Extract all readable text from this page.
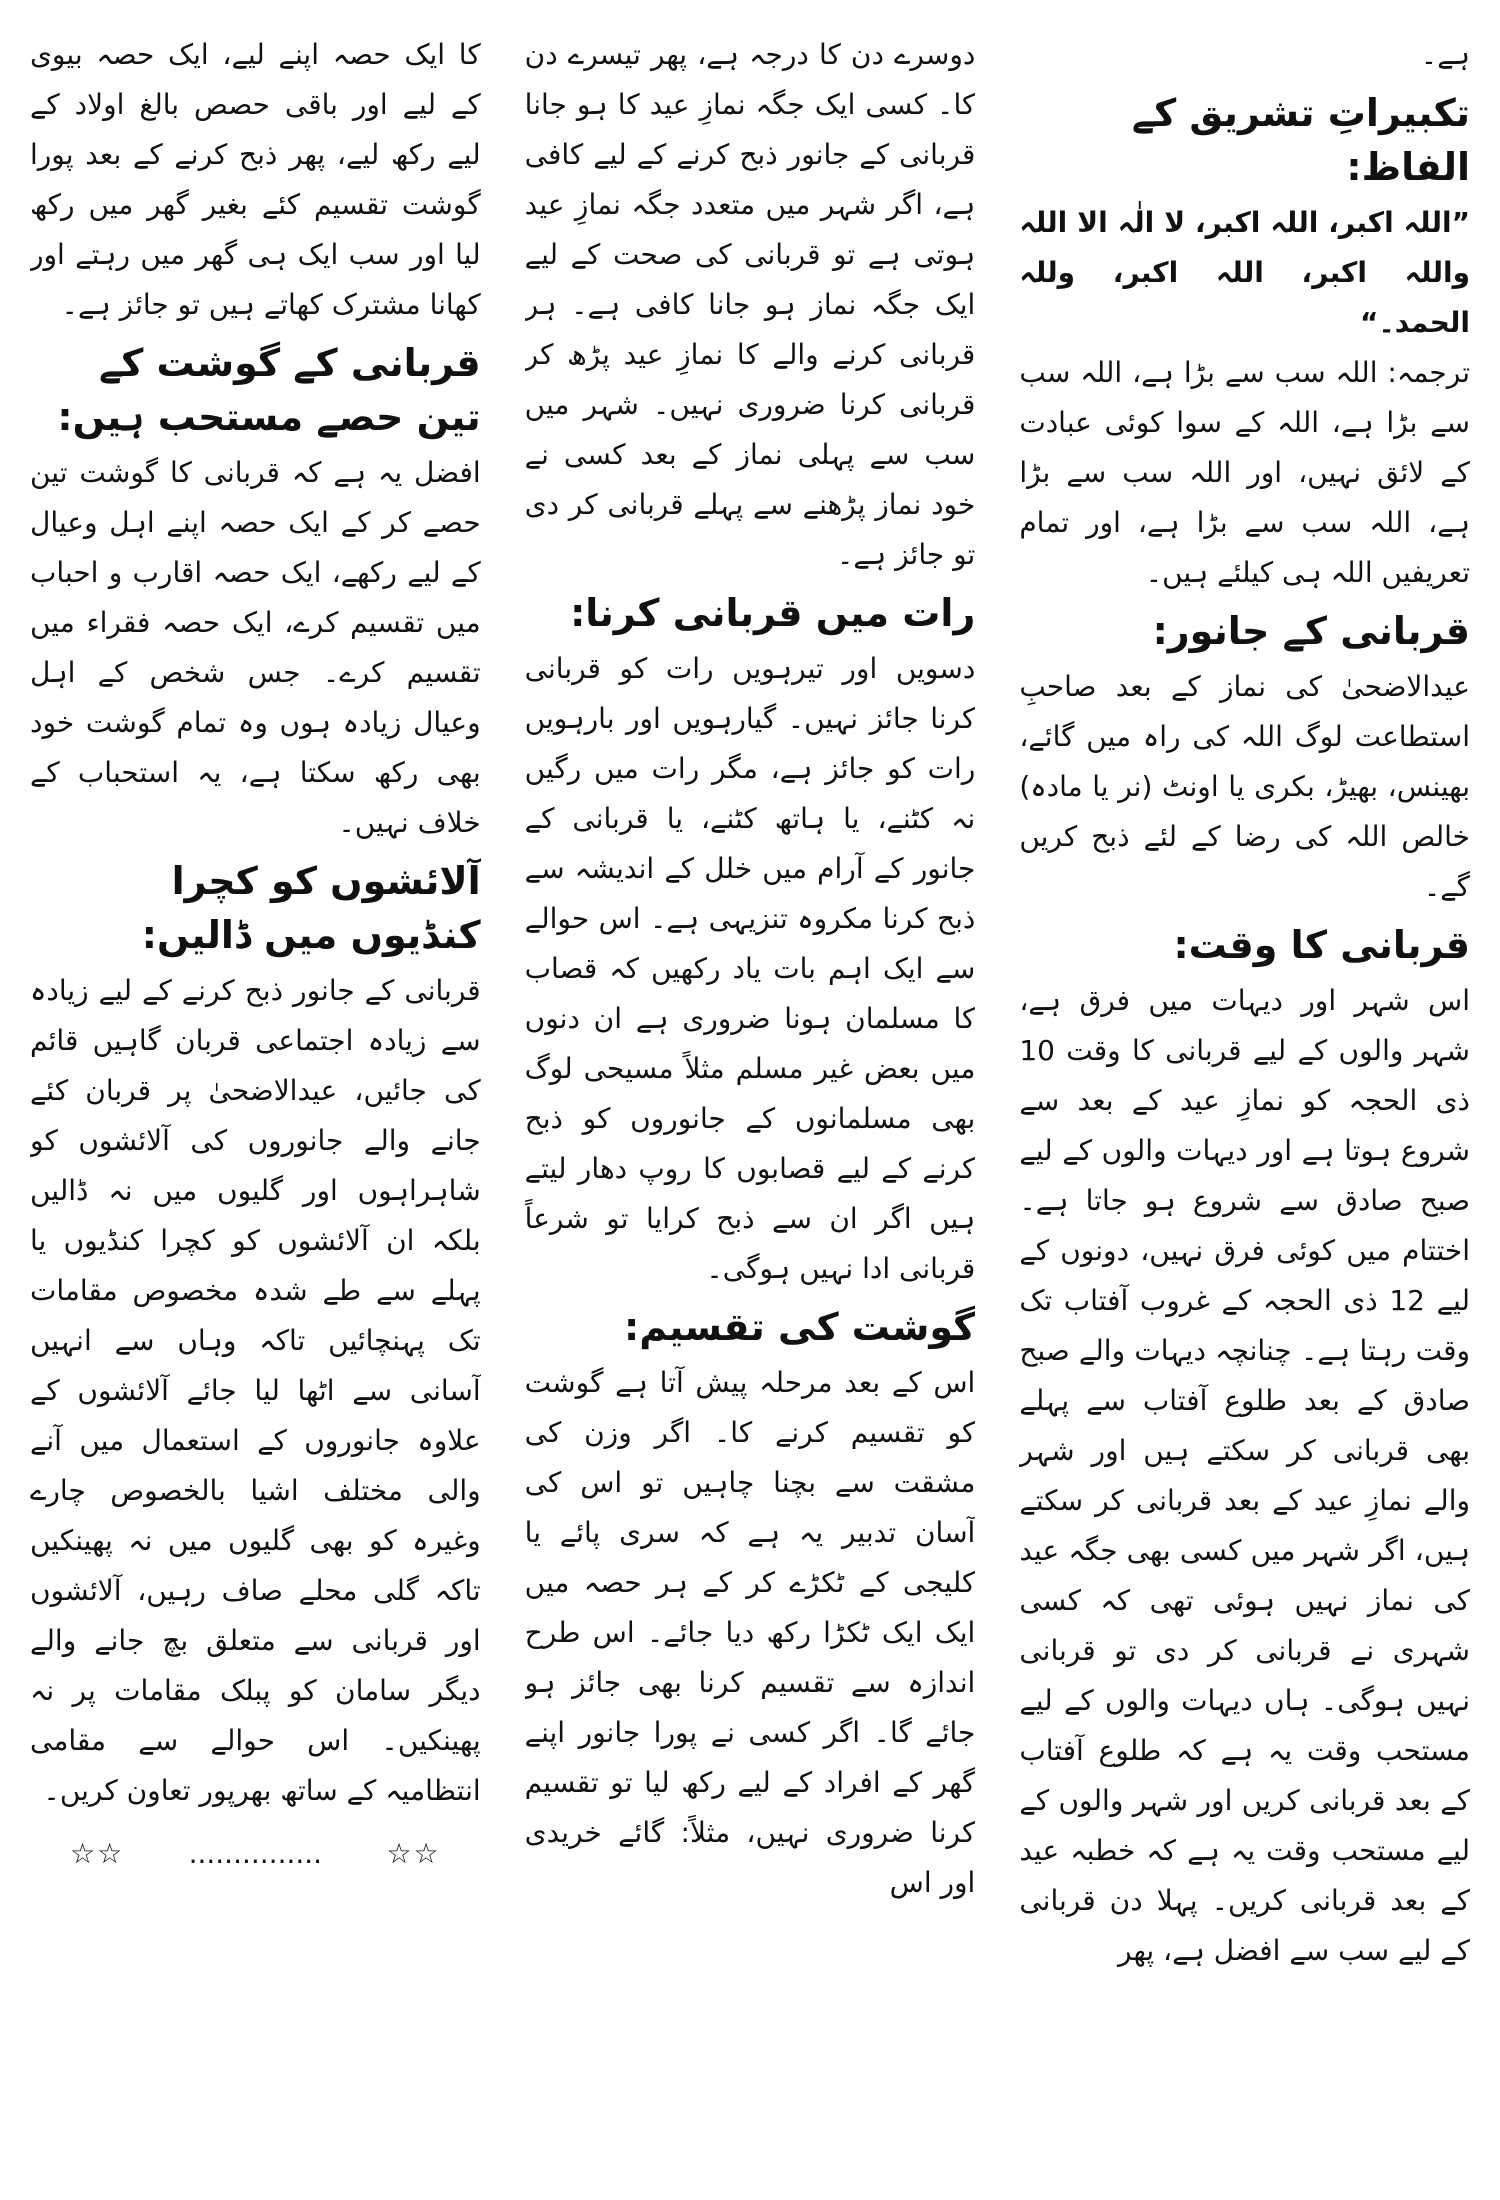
ہے۔

تکبیراتِ تشریق کے الفاظ:

”اللہ اکبر، اللہ اکبر، لا الٰہ الا اللہ واللہ اکبر، اللہ اکبر، وللہ الحمد۔“

ترجمہ: اللہ سب سے بڑا ہے، اللہ سب سے بڑا ہے، اللہ کے سوا کوئی عبادت کے لائق نہیں، اور اللہ سب سے بڑا ہے، اللہ سب سے بڑا ہے، اور تمام تعریفیں اللہ ہی کیلئے ہیں۔

قربانی کے جانور:

عیدالاضحیٰ کی نماز کے بعد صاحبِ استطاعت لوگ اللہ کی راہ میں گائے، بھینس، بھیڑ، بکری یا اونٹ (نر یا مادہ) خالص اللہ کی رضا کے لئے ذبح کریں گے۔

قربانی کا وقت:

اس شہر اور دیہات میں فرق ہے، شہر والوں کے لیے قربانی کا وقت 10 ذی الحجہ کو نمازِ عید کے بعد سے شروع ہوتا ہے اور دیہات والوں کے لیے صبح صادق سے شروع ہو جاتا ہے۔ اختتام میں کوئی فرق نہیں، دونوں کے لیے 12 ذی الحجہ کے غروب آفتاب تک وقت رہتا ہے۔ چنانچہ دیہات والے صبح صادق کے بعد طلوع آفتاب سے پہلے بھی قربانی کر سکتے ہیں اور شہر والے نمازِ عید کے بعد قربانی کر سکتے ہیں، اگر شہر میں کسی بھی جگہ عید کی نماز نہیں ہوئی تھی کہ کسی شہری نے قربانی کر دی تو قربانی نہیں ہوگی۔ ہاں دیہات والوں کے لیے مستحب وقت یہ ہے کہ طلوع آفتاب کے بعد قربانی کریں اور شہر والوں کے لیے مستحب وقت یہ ہے کہ خطبہ عید کے بعد قربانی کریں۔ پہلا دن قربانی کے لیے سب سے افضل ہے، پھر

دوسرے دن کا درجہ ہے، پھر تیسرے دن کا۔ کسی ایک جگہ نمازِ عید کا ہو جانا قربانی کے جانور ذبح کرنے کے لیے کافی ہے، اگر شہر میں متعدد جگہ نمازِ عید ہوتی ہے تو قربانی کی صحت کے لیے ایک جگہ نماز ہو جانا کافی ہے۔ ہر قربانی کرنے والے کا نمازِ عید پڑھ کر قربانی کرنا ضروری نہیں۔ شہر میں سب سے پہلی نماز کے بعد کسی نے خود نماز پڑھنے سے پہلے قربانی کر دی تو جائز ہے۔

رات میں قربانی کرنا:

دسویں اور تیرہویں رات کو قربانی کرنا جائز نہیں۔ گیارہویں اور بارہویں رات کو جائز ہے، مگر رات میں رگیں نہ کٹنے، یا ہاتھ کٹنے، یا قربانی کے جانور کے آرام میں خلل کے اندیشہ سے ذبح کرنا مکروہ تنزیہی ہے۔ اس حوالے سے ایک اہم بات یاد رکھیں کہ قصاب کا مسلمان ہونا ضروری ہے ان دنوں میں بعض غیر مسلم مثلاً مسیحی لوگ بھی مسلمانوں کے جانوروں کو ذبح کرنے کے لیے قصابوں کا روپ دھار لیتے ہیں اگر ان سے ذبح کرایا تو شرعاً قربانی ادا نہیں ہوگی۔

گوشت کی تقسیم:

اس کے بعد مرحلہ پیش آتا ہے گوشت کو تقسیم کرنے کا۔ اگر وزن کی مشقت سے بچنا چاہیں تو اس کی آسان تدبیر یہ ہے کہ سری پائے یا کلیجی کے ٹکڑے کر کے ہر حصہ میں ایک ایک ٹکڑا رکھ دیا جائے۔ اس طرح اندازہ سے تقسیم کرنا بھی جائز ہو جائے گا۔ اگر کسی نے پورا جانور اپنے گھر کے افراد کے لیے رکھ لیا تو تقسیم کرنا ضروری نہیں، مثلاً: گائے خریدی اور اس

کا ایک حصہ اپنے لیے، ایک حصہ بیوی کے لیے اور باقی حصص بالغ اولاد کے لیے رکھ لیے، پھر ذبح کرنے کے بعد پورا گوشت تقسیم کئے بغیر گھر میں رکھ لیا اور سب ایک ہی گھر میں رہتے اور کھانا مشترک کھاتے ہیں تو جائز ہے۔

قربانی کے گوشت کے تین حصے مستحب ہیں:

افضل یہ ہے کہ قربانی کا گوشت تین حصے کر کے ایک حصہ اپنے اہل وعیال کے لیے رکھے، ایک حصہ اقارب و احباب میں تقسیم کرے، ایک حصہ فقراء میں تقسیم کرے۔ جس شخص کے اہل وعیال زیادہ ہوں وہ تمام گوشت خود بھی رکھ سکتا ہے، یہ استحباب کے خلاف نہیں۔

آلائشوں کو کچرا کنڈیوں میں ڈالیں:

قربانی کے جانور ذبح کرنے کے لیے زیادہ سے زیادہ اجتماعی قربان گاہیں قائم کی جائیں، عیدالاضحیٰ پر قربان کئے جانے والے جانوروں کی آلائشوں کو شاہراہوں اور گلیوں میں نہ ڈالیں بلکہ ان آلائشوں کو کچرا کنڈیوں یا پہلے سے طے شدہ مخصوص مقامات تک پہنچائیں تاکہ وہاں سے انہیں آسانی سے اٹھا لیا جائے آلائشوں کے علاوہ جانوروں کے استعمال میں آنے والی مختلف اشیا بالخصوص چارے وغیرہ کو بھی گلیوں میں نہ پھینکیں تاکہ گلی محلے صاف رہیں، آلائشوں اور قربانی سے متعلق بچ جانے والے دیگر سامان کو پبلک مقامات پر نہ پھینکیں۔ اس حوالے سے مقامی انتظامیہ کے ساتھ بھرپور تعاون کریں۔

☆☆ ............... ☆☆
